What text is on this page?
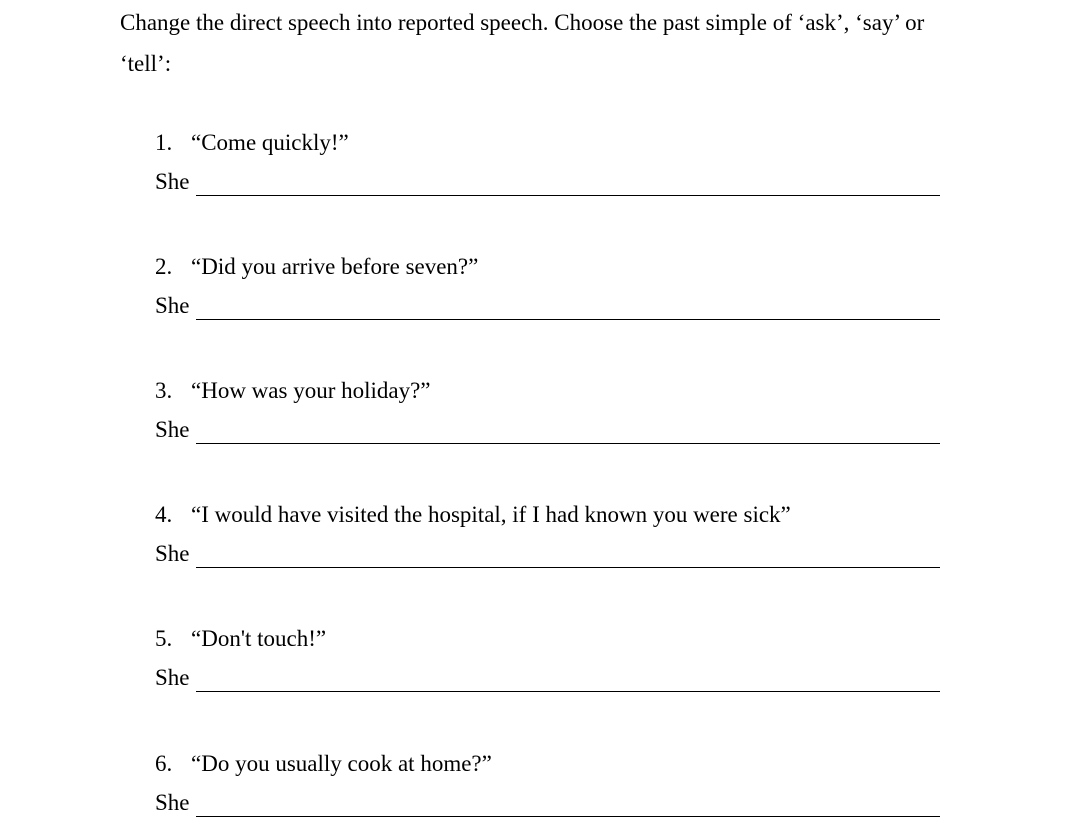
Change the direct speech into reported speech. Choose the past simple of ‘ask’, ‘say’ or ‘tell’:

1. “Come quickly!”
She
2. “Did you arrive before seven?”
She
3. “How was your holiday?”
She
4. “I would have visited the hospital, if I had known you were sick”
She
5. “Don't touch!”
She
6. “Do you usually cook at home?”
She
